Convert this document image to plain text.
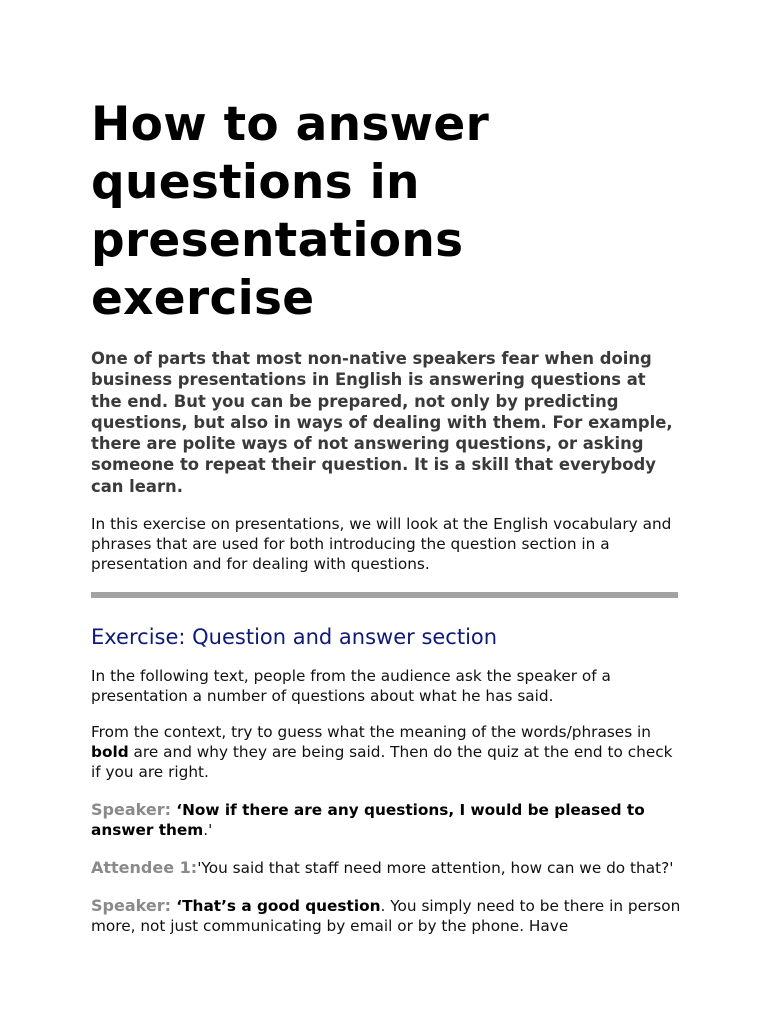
How to answer questions in presentations exercise

One of parts that most non-native speakers fear when doing business presentations in English is answering questions at the end. But you can be prepared, not only by predicting questions, but also in ways of dealing with them. For example, there are polite ways of not answering questions, or asking someone to repeat their question. It is a skill that everybody can learn.

In this exercise on presentations, we will look at the English vocabulary and phrases that are used for both introducing the question section in a presentation and for dealing with questions.

Exercise: Question and answer section

In the following text, people from the audience ask the speaker of a presentation a number of questions about what he has said.

From the context, try to guess what the meaning of the words/phrases in bold are and why they are being said. Then do the quiz at the end to check if you are right.

Speaker: ‘Now if there are any questions, I would be pleased to answer them.'

Attendee 1:'You said that staff need more attention, how can we do that?'

Speaker: ‘That’s a good question. You simply need to be there in person more, not just communicating by email or by the phone. Have
